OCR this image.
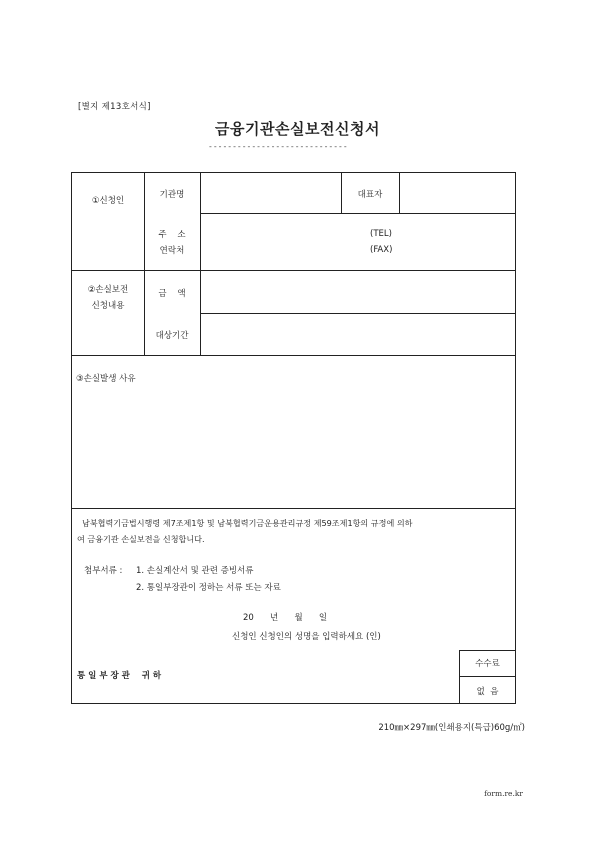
[별지 제13호서식]
금융기관손실보전신청서
-----------------------------
①신청인
기관명	대표자
주    소
연락처
(TEL)
(FAX)
②손실보전
신청내용
금    액
대상기간
③손실발생 사유
남북협력기금법시행령 제7조제1항 및 남북협력기금운용관리규정 제59조제1항의 규정에 의하
여 금융기관 손실보전을 신청합니다.
첨부서류 : 1. 손실계산서 및 관련 증빙서류
2. 통일부장관이 정하는 서류 또는 자료
20      년      월      일
신청인 신청인의 성명을 입력하세요 (인)
통 일 부 장 관    귀 하
수수료
없  음
210㎜×297㎜(인쇄용지(특급)60g/㎡)
form.re.kr
